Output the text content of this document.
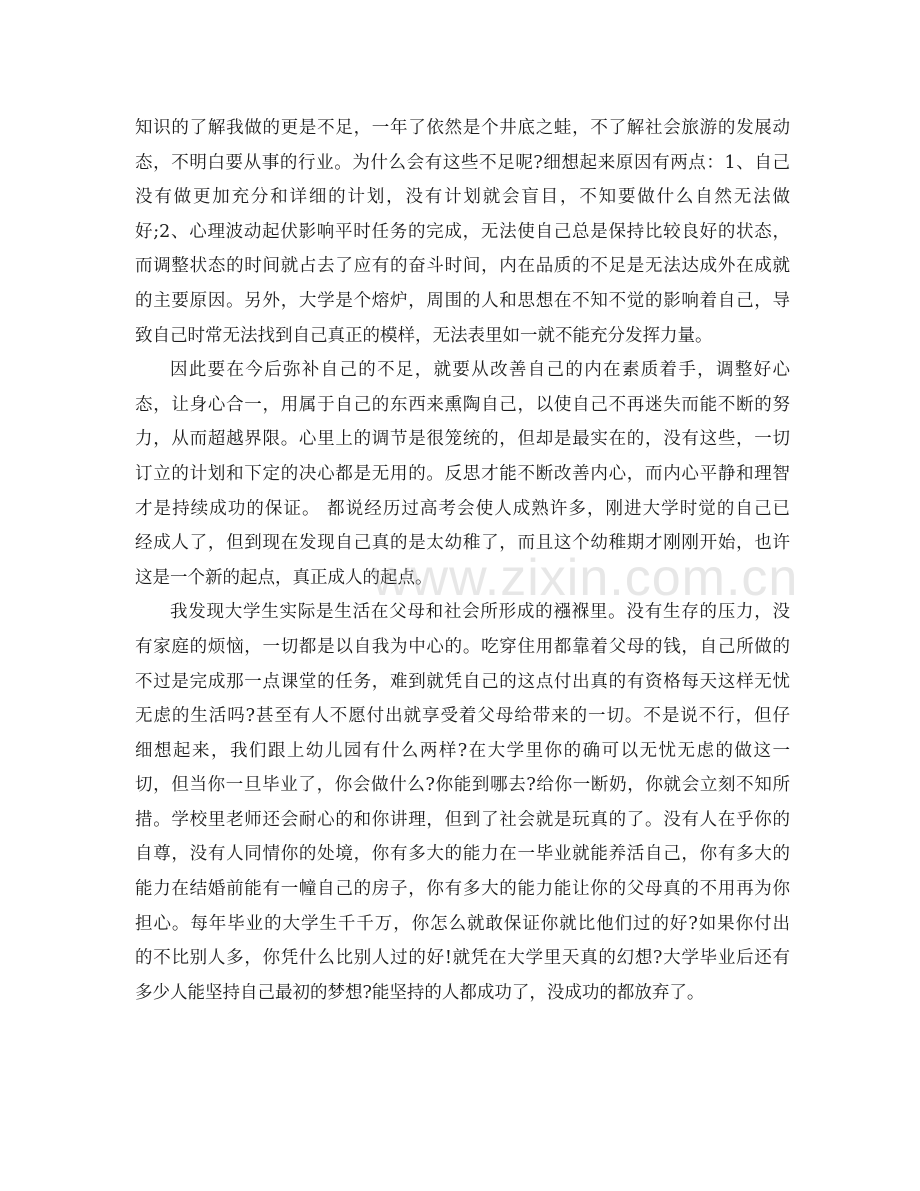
知识的了解我做的更是不足，一年了依然是个井底之蛙，不了解社会旅游的发展动
态，不明白要从事的行业。为什么会有这些不足呢?细想起来原因有两点：1、自己
没有做更加充分和详细的计划，没有计划就会盲目，不知要做什么自然无法做
好;2、心理波动起伏影响平时任务的完成，无法使自己总是保持比较良好的状态，
而调整状态的时间就占去了应有的奋斗时间，内在品质的不足是无法达成外在成就
的主要原因。另外，大学是个熔炉，周围的人和思想在不知不觉的影响着自己，导
致自己时常无法找到自己真正的模样，无法表里如一就不能充分发挥力量。
因此要在今后弥补自己的不足，就要从改善自己的内在素质着手，调整好心
态，让身心合一，用属于自己的东西来熏陶自己，以使自己不再迷失而能不断的努
力，从而超越界限。心里上的调节是很笼统的，但却是最实在的，没有这些，一切
订立的计划和下定的决心都是无用的。反思才能不断改善内心，而内心平静和理智
才是持续成功的保证。 都说经历过高考会使人成熟许多，刚进大学时觉的自己已
经成人了，但到现在发现自己真的是太幼稚了，而且这个幼稚期才刚刚开始，也许
这是一个新的起点，真正成人的起点。
我发现大学生实际是生活在父母和社会所形成的襁褓里。没有生存的压力，没
有家庭的烦恼，一切都是以自我为中心的。吃穿住用都靠着父母的钱，自己所做的
不过是完成那一点课堂的任务，难到就凭自己的这点付出真的有资格每天这样无忧
无虑的生活吗?甚至有人不愿付出就享受着父母给带来的一切。不是说不行，但仔
细想起来，我们跟上幼儿园有什么两样?在大学里你的确可以无忧无虑的做这一
切，但当你一旦毕业了，你会做什么?你能到哪去?给你一断奶，你就会立刻不知所
措。学校里老师还会耐心的和你讲理，但到了社会就是玩真的了。没有人在乎你的
自尊，没有人同情你的处境，你有多大的能力在一毕业就能养活自己，你有多大的
能力在结婚前能有一幢自己的房子，你有多大的能力能让你的父母真的不用再为你
担心。每年毕业的大学生千千万，你怎么就敢保证你就比他们过的好?如果你付出
的不比别人多，你凭什么比别人过的好!就凭在大学里天真的幻想?大学毕业后还有
多少人能坚持自己最初的梦想?能坚持的人都成功了，没成功的都放弃了。
www.zixin.com.cn
